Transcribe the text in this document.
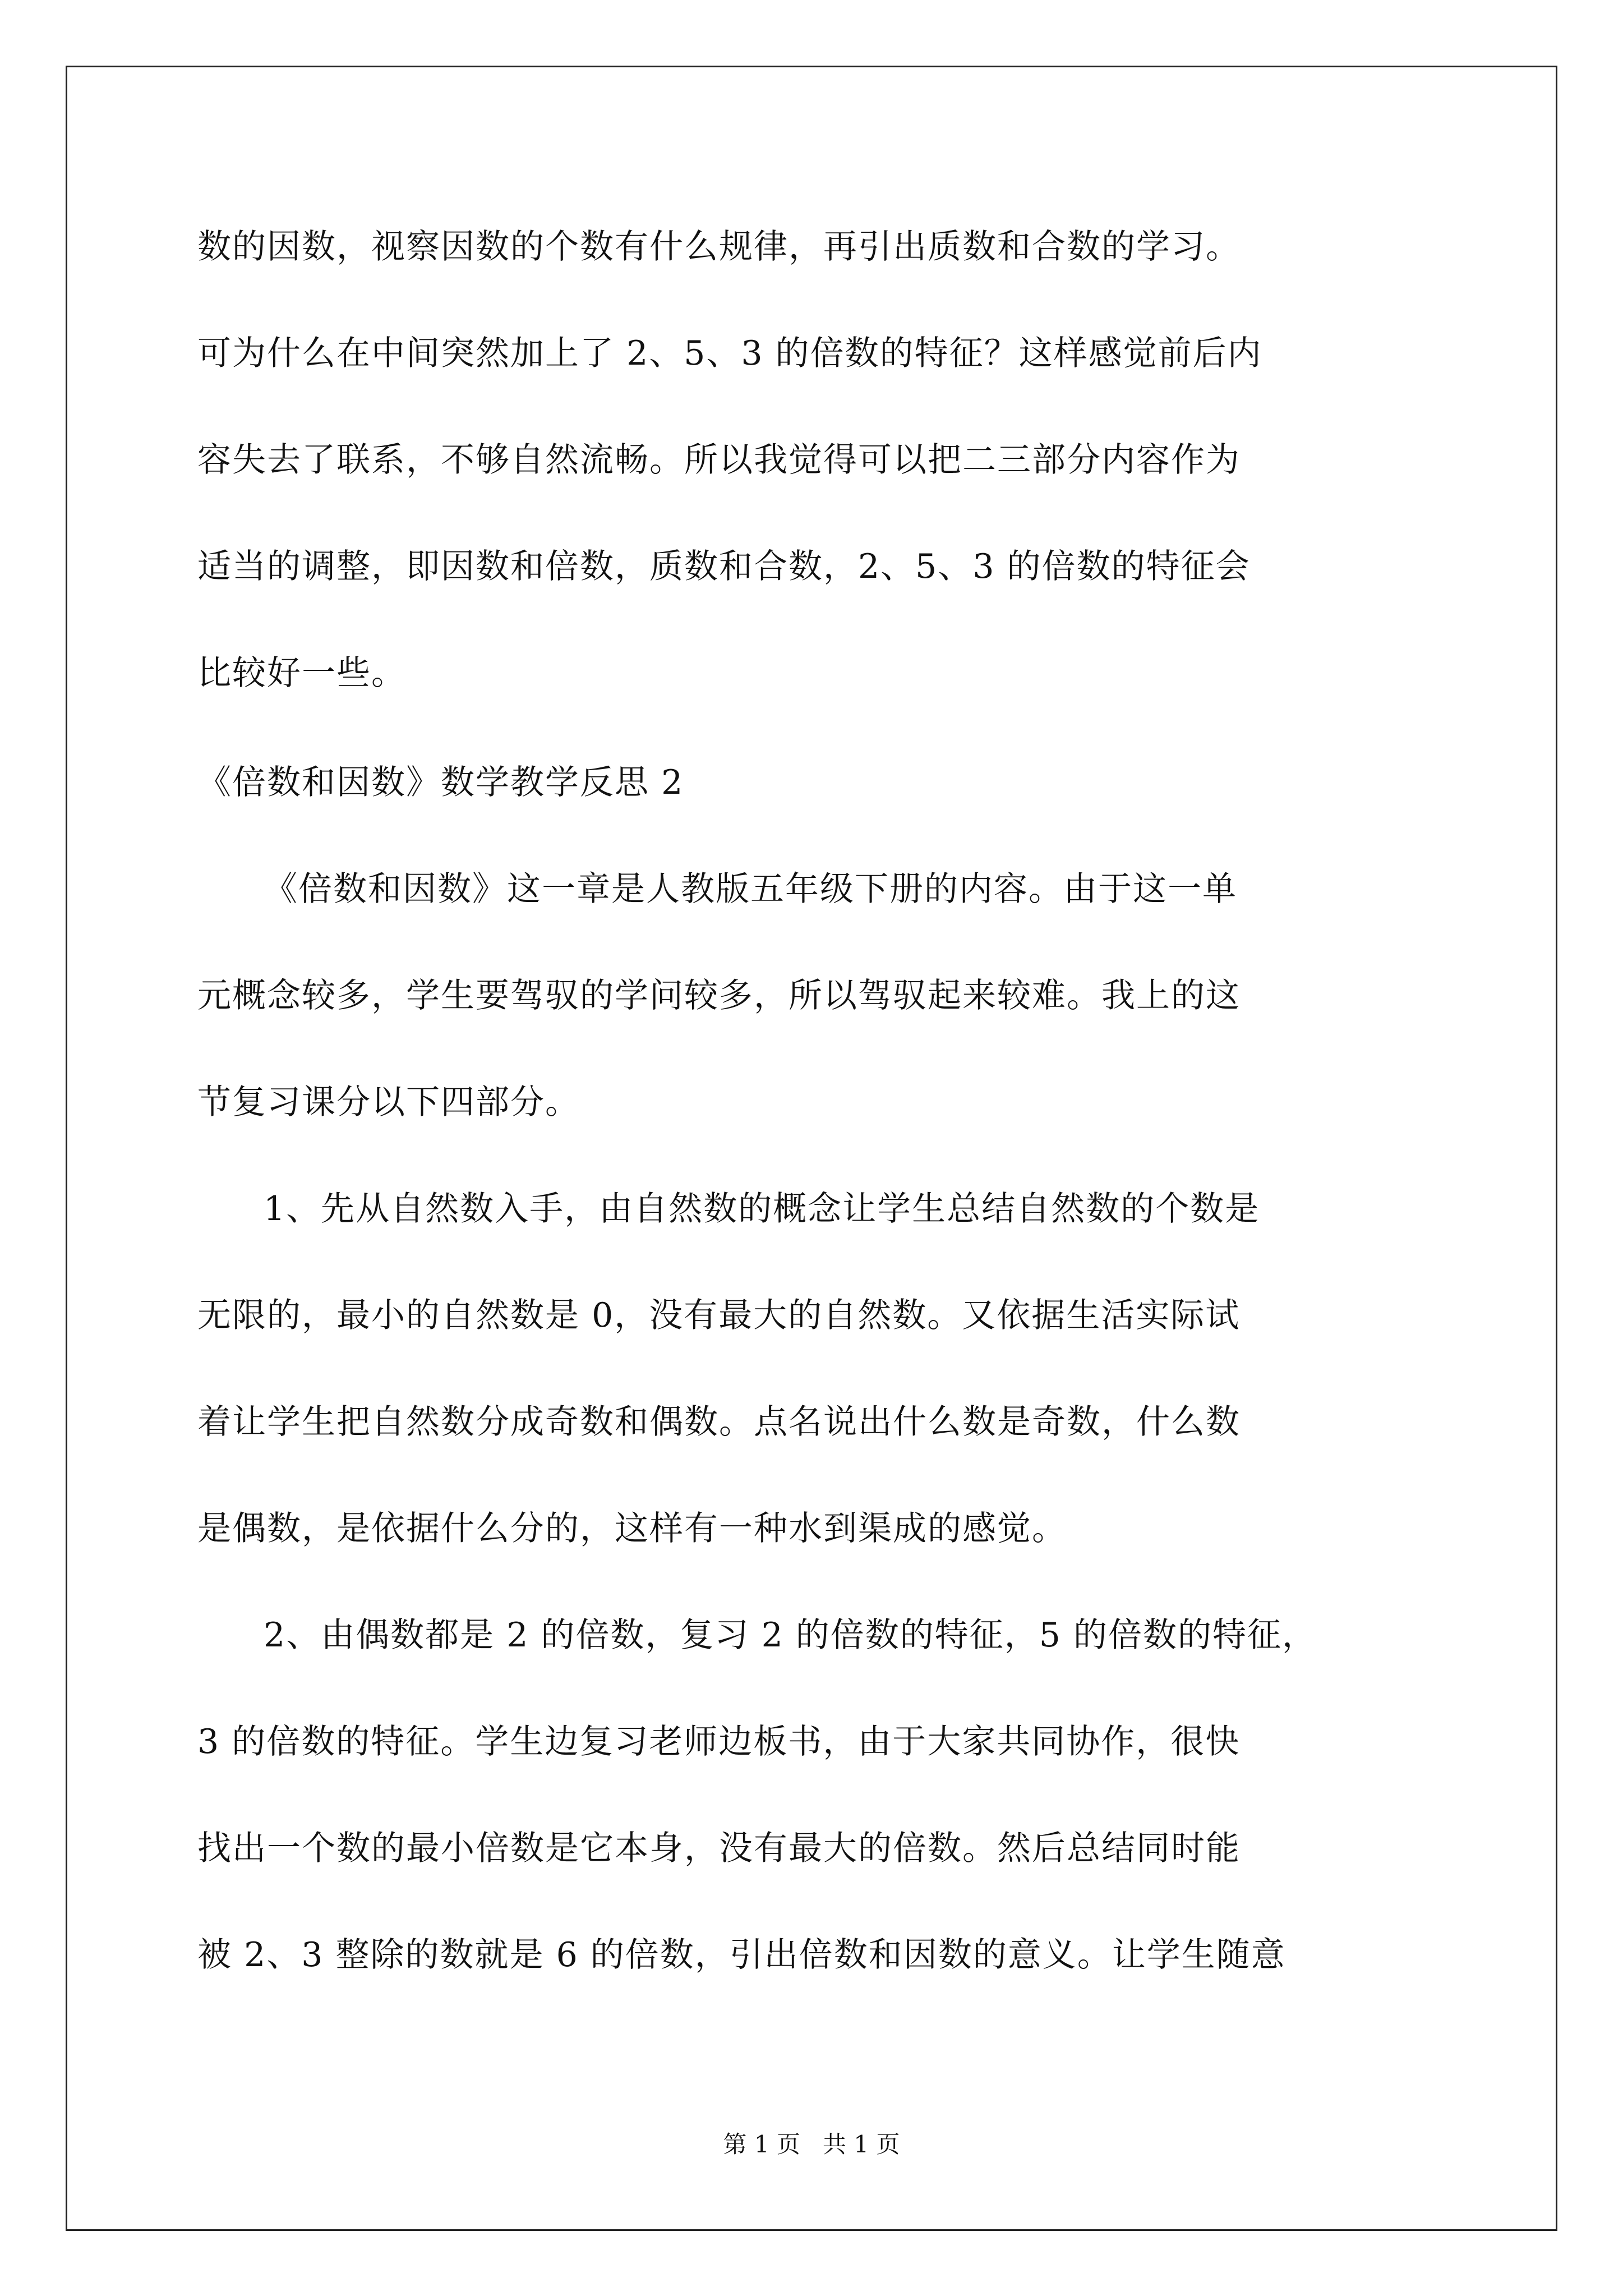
数的因数，视察因数的个数有什么规律，再引出质数和合数的学习。
可为什么在中间突然加上了 2、5、3 的倍数的特征？这样感觉前后内
容失去了联系，不够自然流畅。所以我觉得可以把二三部分内容作为
适当的调整，即因数和倍数，质数和合数，2、5、3 的倍数的特征会
比较好一些。
《倍数和因数》数学教学反思 2
《倍数和因数》这一章是人教版五年级下册的内容。由于这一单
元概念较多，学生要驾驭的学问较多，所以驾驭起来较难。我上的这
节复习课分以下四部分。
1、先从自然数入手，由自然数的概念让学生总结自然数的个数是
无限的，最小的自然数是 0，没有最大的自然数。又依据生活实际试
着让学生把自然数分成奇数和偶数。点名说出什么数是奇数，什么数
是偶数，是依据什么分的，这样有一种水到渠成的感觉。
2、由偶数都是 2 的倍数，复习 2 的倍数的特征，5 的倍数的特征，
3 的倍数的特征。学生边复习老师边板书，由于大家共同协作，很快
找出一个数的最小倍数是它本身，没有最大的倍数。然后总结同时能
被 2、3 整除的数就是 6 的倍数，引出倍数和因数的意义。让学生随意
第 1 页   共 1 页
